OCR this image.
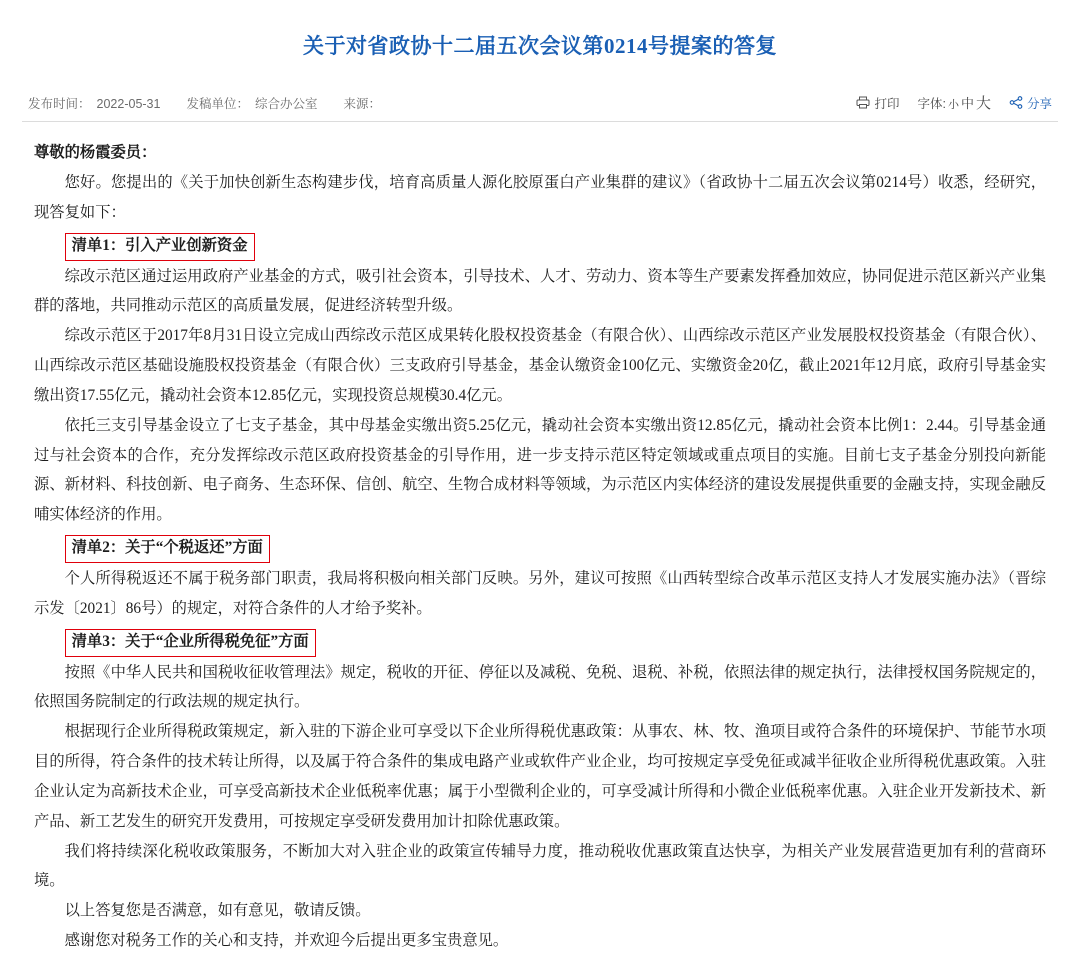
关于对省政协十二届五次会议第0214号提案的答复
发布时间： 2022-05-31 发稿单位： 综合办公室 来源：	打印 字体: 小 中 大	分享

尊敬的杨霞委员：

您好。您提出的《关于加快创新生态构建步伐，培育高质量人源化胶原蛋白产业集群的建议》（省政协十二届五次会议第0214号）收悉，经研究，现答复如下：

清单1：引入产业创新资金

综改示范区通过运用政府产业基金的方式，吸引社会资本，引导技术、人才、劳动力、资本等生产要素发挥叠加效应，协同促进示范区新兴产业集群的落地，共同推动示范区的高质量发展，促进经济转型升级。

综改示范区于2017年8月31日设立完成山西综改示范区成果转化股权投资基金（有限合伙）、山西综改示范区产业发展股权投资基金（有限合伙）、山西综改示范区基础设施股权投资基金（有限合伙）三支政府引导基金，基金认缴资金100亿元、实缴资金20亿，截止2021年12月底，政府引导基金实缴出资17.55亿元，撬动社会资本12.85亿元，实现投资总规模30.4亿元。

依托三支引导基金设立了七支子基金，其中母基金实缴出资5.25亿元，撬动社会资本实缴出资12.85亿元，撬动社会资本比例1：2.44。引导基金通过与社会资本的合作，充分发挥综改示范区政府投资基金的引导作用，进一步支持示范区特定领域或重点项目的实施。目前七支子基金分别投向新能源、新材料、科技创新、电子商务、生态环保、信创、航空、生物合成材料等领域，为示范区内实体经济的建设发展提供重要的金融支持，实现金融反哺实体经济的作用。

清单2：关于“个税返还”方面

个人所得税返还不属于税务部门职责，我局将积极向相关部门反映。另外，建议可按照《山西转型综合改革示范区支持人才发展实施办法》（晋综示发〔2021〕86号）的规定，对符合条件的人才给予奖补。

清单3：关于“企业所得税免征”方面

按照《中华人民共和国税收征收管理法》规定，税收的开征、停征以及减税、免税、退税、补税，依照法律的规定执行，法律授权国务院规定的，依照国务院制定的行政法规的规定执行。

根据现行企业所得税政策规定，新入驻的下游企业可享受以下企业所得税优惠政策：从事农、林、牧、渔项目或符合条件的环境保护、节能节水项目的所得，符合条件的技术转让所得，以及属于符合条件的集成电路产业或软件产业企业，均可按规定享受免征或减半征收企业所得税优惠政策。入驻企业认定为高新技术企业，可享受高新技术企业低税率优惠；属于小型微利企业的，可享受减计所得和小微企业低税率优惠。入驻企业开发新技术、新产品、新工艺发生的研究开发费用，可按规定享受研发费用加计扣除优惠政策。

我们将持续深化税收政策服务，不断加大对入驻企业的政策宣传辅导力度，推动税收优惠政策直达快享，为相关产业发展营造更加有利的营商环境。

以上答复您是否满意，如有意见，敬请反馈。

感谢您对税务工作的关心和支持，并欢迎今后提出更多宝贵意见。
